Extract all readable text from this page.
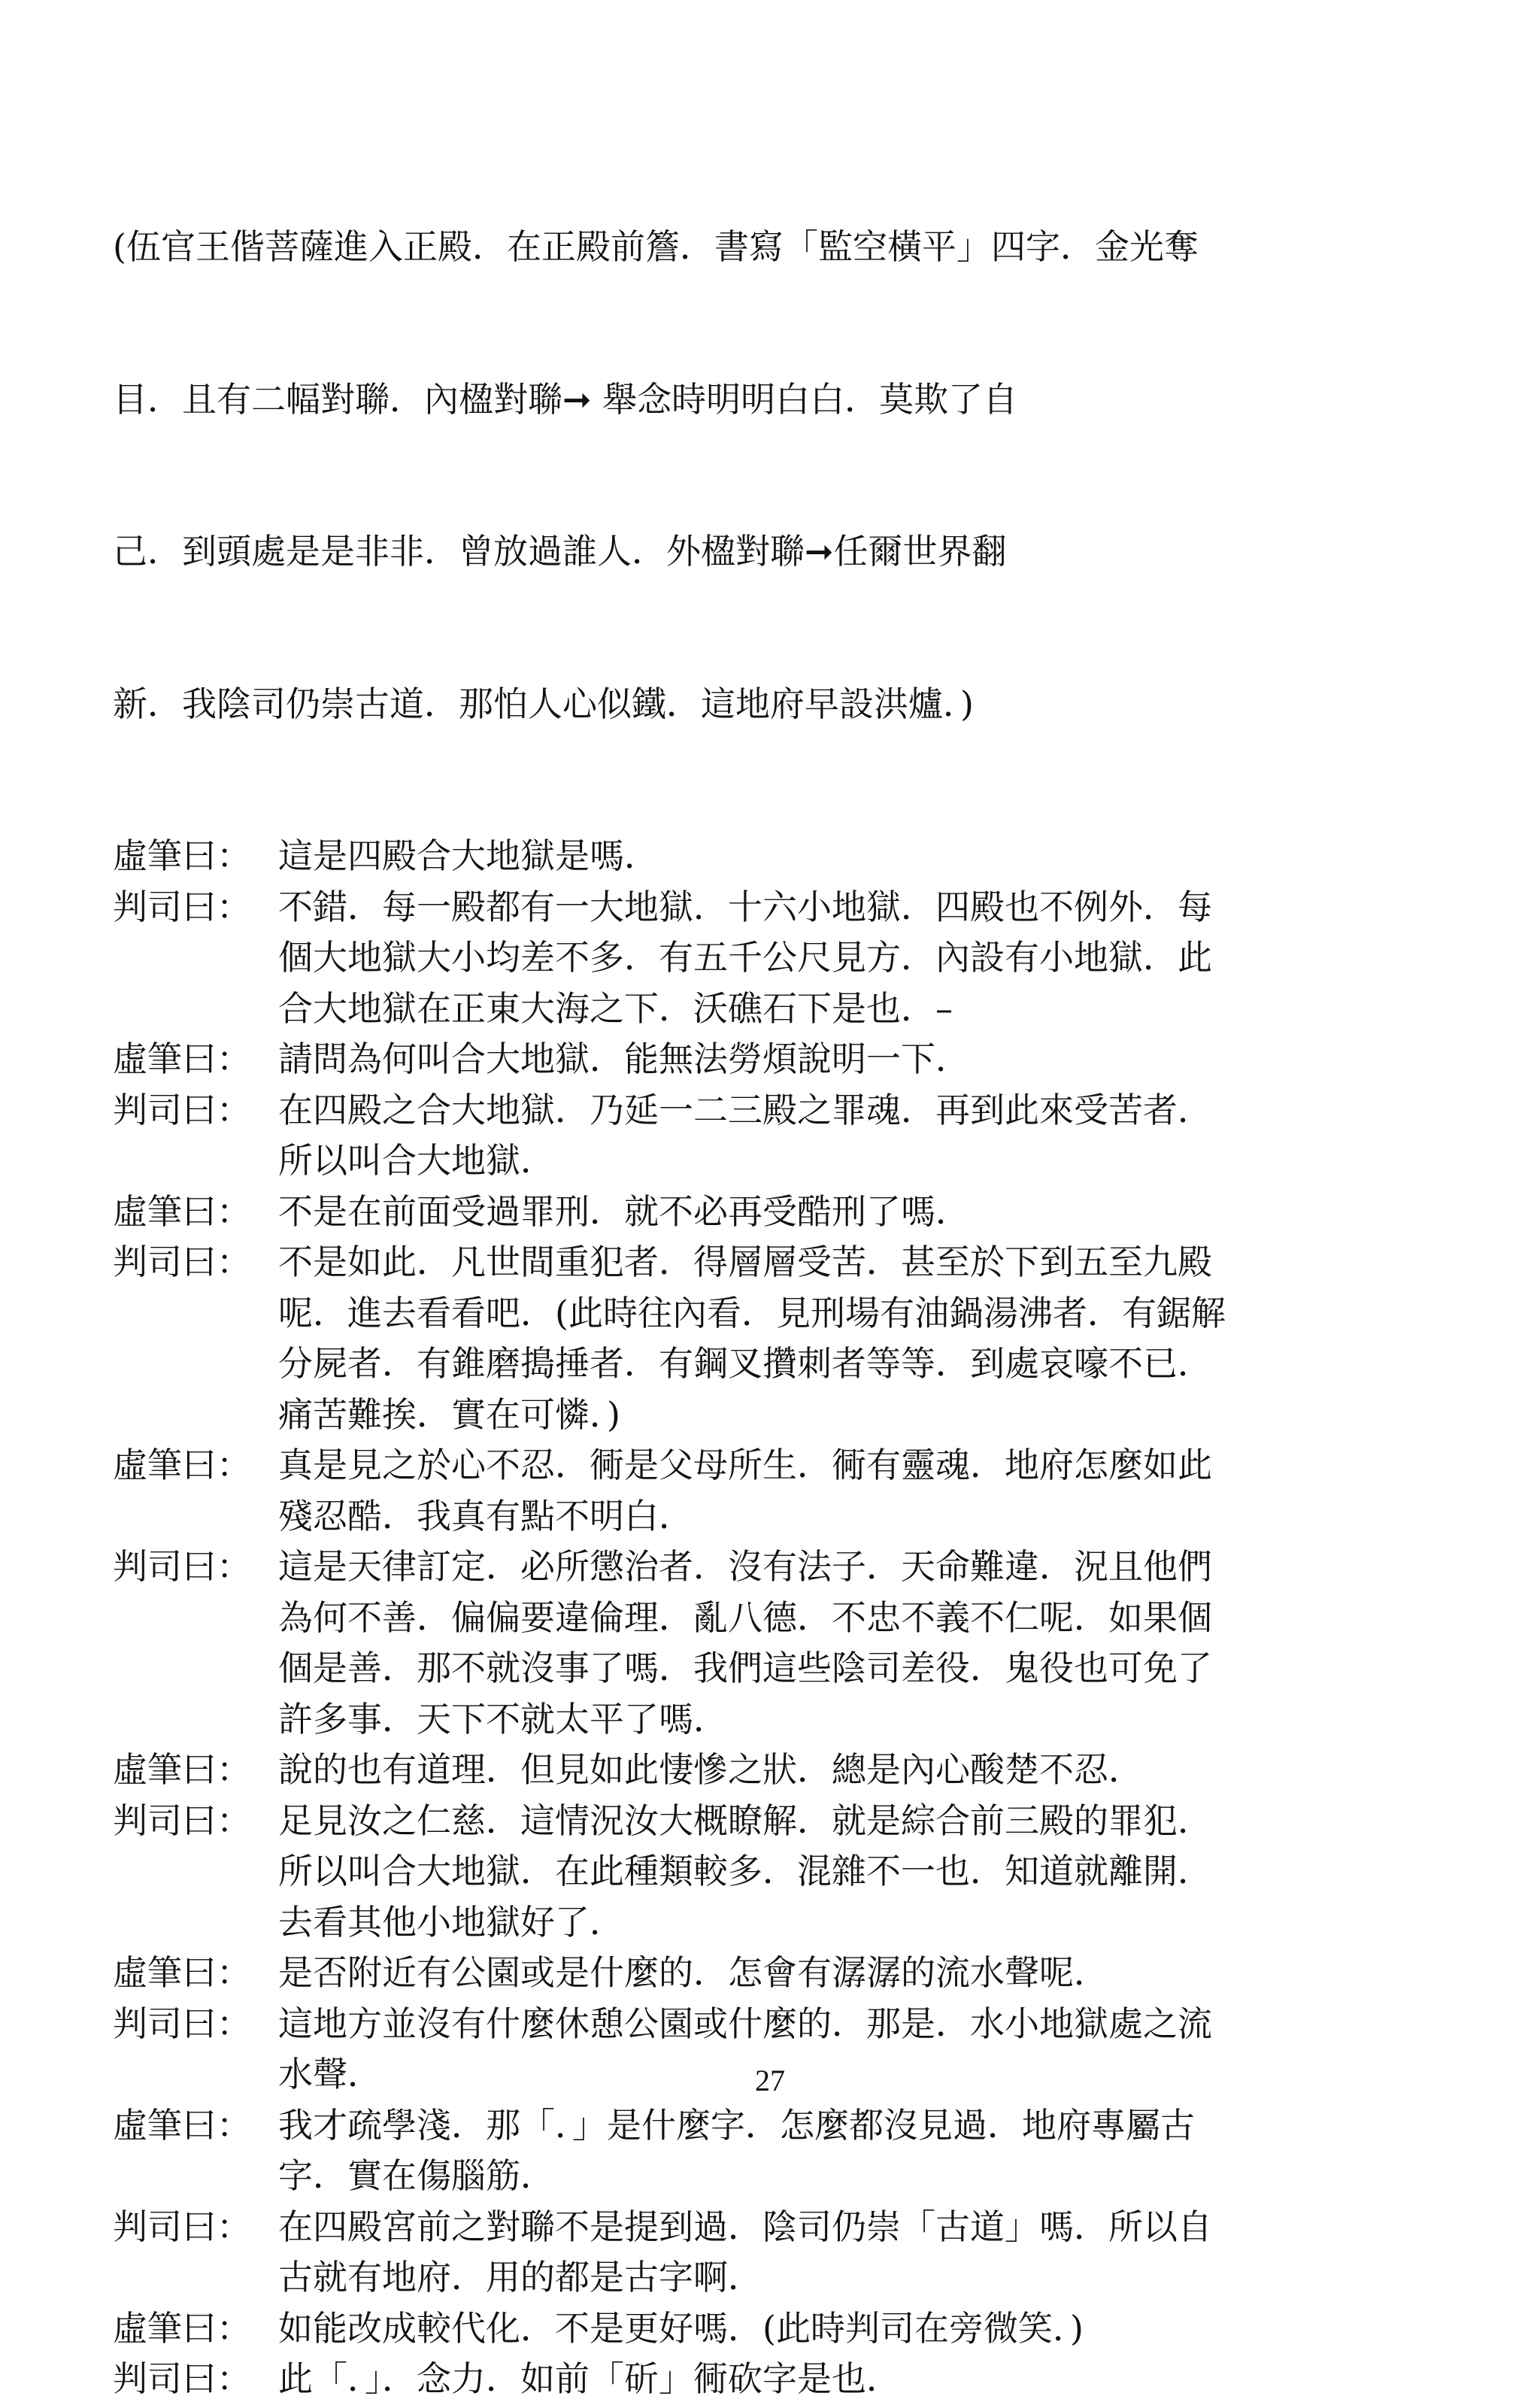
(伍官王偕菩薩進入正殿．在正殿前簷．書寫「監空橫平」四字．金光奪

目．且有二幅對聯．內楹對聯➞ 舉念時明明白白．莫欺了自

己．到頭處是是非非．曾放過誰人．外楹對聯➞任爾世界翻

新．我陰司仍崇古道．那怕人心似鐵．這地府早設洪爐．)

虛筆曰： 這是四殿合大地獄是嗎．
判司曰： 不錯．每一殿都有一大地獄．十六小地獄．四殿也不例外．每
個大地獄大小均差不多．有五千公尺見方．內設有小地獄．此
合大地獄在正東大海之下．沃礁石下是也．–
虛筆曰： 請問為何叫合大地獄．能無法勞煩說明一下．
判司曰： 在四殿之合大地獄．乃延一二三殿之罪魂．再到此來受苦者．
所以叫合大地獄．
虛筆曰： 不是在前面受過罪刑．就不必再受酷刑了嗎．
判司曰： 不是如此．凡世間重犯者．得層層受苦．甚至於下到五至九殿
呢．進去看看吧．(此時往內看．見刑場有油鍋湯沸者．有鋸解
分屍者．有錐磨搗捶者．有鋼叉攢刺者等等．到處哀嚎不已．
痛苦難挨．實在可憐．)
虛筆曰： 真是見之於心不忍．衕是父母所生．衕有靈魂．地府怎麼如此
殘忍酷．我真有點不明白．
判司曰： 這是天律訂定．必所懲治者．沒有法子．天命難違．況且他們
為何不善．偏偏要違倫理．亂八德．不忠不義不仁呢．如果個
個是善．那不就沒事了嗎．我們這些陰司差役．鬼役也可免了
許多事．天下不就太平了嗎．
虛筆曰： 說的也有道理．但見如此悽慘之狀．總是內心酸楚不忍．
判司曰： 足見汝之仁慈．這情況汝大概瞭解．就是綜合前三殿的罪犯．
所以叫合大地獄．在此種類較多．混雜不一也．知道就離開．
去看其他小地獄好了．
虛筆曰： 是否附近有公園或是什麼的．怎會有潺潺的流水聲呢．
判司曰： 這地方並沒有什麼休憩公園或什麼的．那是．水小地獄處之流
水聲．
虛筆曰： 我才疏學淺．那「．」是什麼字．怎麼都沒見過．地府專屬古
字．實在傷腦筋．
判司曰： 在四殿宮前之對聯不是提到過．陰司仍崇「古道」嗎．所以自
古就有地府．用的都是古字啊．
虛筆曰： 如能改成較代化．不是更好嗎．(此時判司在旁微笑．)
判司曰： 此「．」．念力．如前「斫」衕砍字是也．
27
